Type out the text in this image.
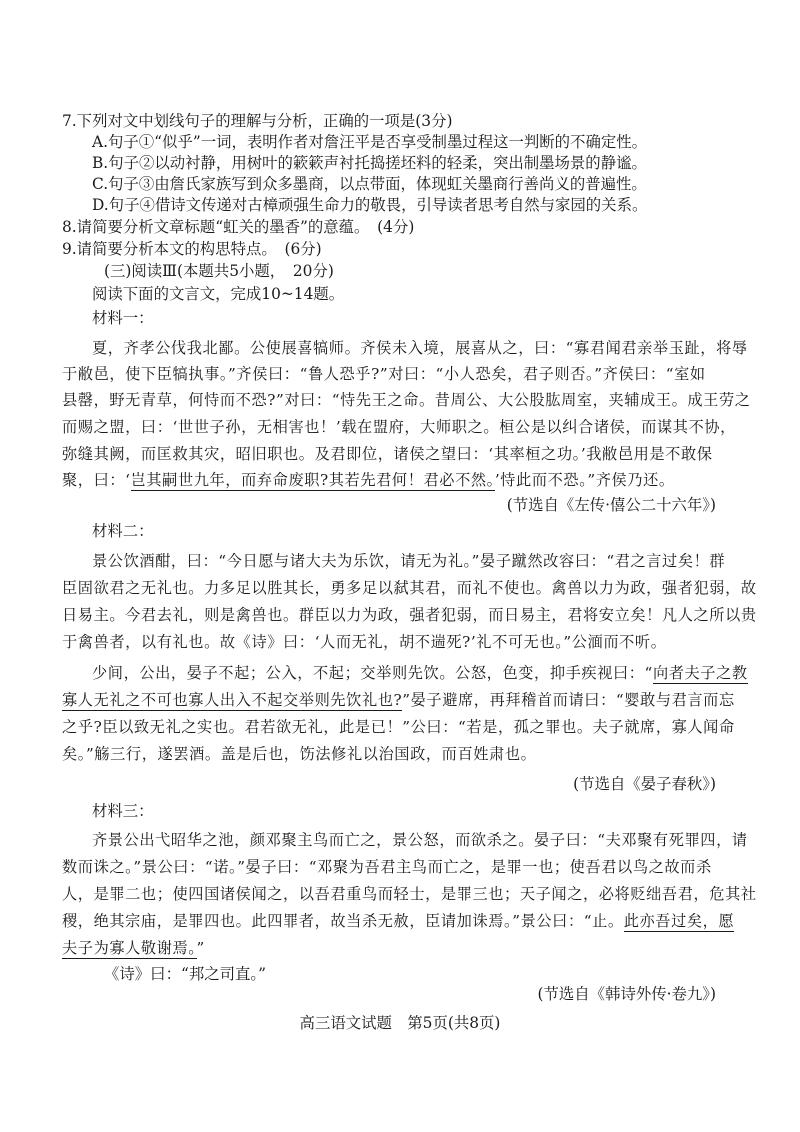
7.下列对文中划线句子的理解与分析，正确的一项是(3分)
A.句子①“似乎”一词，表明作者对詹汪平是否享受制墨过程这一判断的不确定性。
B.句子②以动衬静，用树叶的簌簌声衬托捣搓坯料的轻柔，突出制墨场景的静谧。
C.句子③由詹氏家族写到众多墨商，以点带面，体现虹关墨商行善尚义的普遍性。
D.句子④借诗文传递对古樟顽强生命力的敬畏，引导读者思考自然与家园的关系。
8.请简要分析文章标题“虹关的墨香”的意蕴。　(4分)
9.请简要分析本文的构思特点。　(6分)
(三)阅读Ⅲ(本题共5小题，　20分)
阅读下面的文言文，完成10~14题。
材料一：
夏，齐孝公伐我北鄙。公使展喜犒师。齐侯未入境，展喜从之，曰：“寡君闻君亲举玉趾，将辱
于敝邑，使下臣犒执事。”齐侯曰：“鲁人恐乎?”对曰：“小人恐矣，君子则否。”齐侯曰：“室如
县罄，野无青草，何恃而不恐?”对曰：“恃先王之命。昔周公、大公股肱周室，夹辅成王。成王劳之
而赐之盟，曰：‘世世子孙，无相害也！’载在盟府，大师职之。桓公是以纠合诸侯，而谋其不协，
弥缝其阙，而匡救其灾，昭旧职也。及君即位，诸侯之望曰：‘其率桓之功。’我敝邑用是不敢保
聚，曰：‘岂其嗣世九年，而弃命废职?其若先君何！君必不然。’恃此而不恐。”齐侯乃还。
(节选自《左传·僖公二十六年》)
材料二：
景公饮酒酣，曰：“今日愿与诸大夫为乐饮，请无为礼。”晏子蹴然改容曰：“君之言过矣！群
臣固欲君之无礼也。力多足以胜其长，勇多足以弑其君，而礼不使也。禽兽以力为政，强者犯弱，故
日易主。今君去礼，则是禽兽也。群臣以力为政，强者犯弱，而日易主，君将安立矣！凡人之所以贵
于禽兽者，以有礼也。故《诗》曰：‘人而无礼，胡不遄死?’礼不可无也。”公湎而不听。
少间，公出，晏子不起；公入，不起；交举则先饮。公怒，色变，抑手疾视曰：“向者夫子之教
寡人无礼之不可也寡人出入不起交举则先饮礼也?”晏子避席，再拜稽首而请曰：“婴敢与君言而忘
之乎?臣以致无礼之实也。君若欲无礼，此是已！”公曰：“若是，孤之罪也。夫子就席，寡人闻命
矣。”觞三行，遂罢酒。盖是后也，饬法修礼以治国政，而百姓肃也。
(节选自《晏子春秋》)
材料三：
齐景公出弋昭华之池，颜邓聚主鸟而亡之，景公怒，而欲杀之。晏子曰：“夫邓聚有死罪四，请
数而诛之。”景公曰：“诺。”晏子曰：“邓聚为吾君主鸟而亡之，是罪一也；使吾君以鸟之故而杀
人，是罪二也；使四国诸侯闻之，以吾君重鸟而轻士，是罪三也；天子闻之，必将贬绌吾君，危其社
稷，绝其宗庙，是罪四也。此四罪者，故当杀无赦，臣请加诛焉。”景公曰：“止。此亦吾过矣，愿
夫子为寡人敬谢焉。”
《诗》曰：“邦之司直。”
(节选自《韩诗外传·卷九》)
高三语文试题　第5页(共8页)
